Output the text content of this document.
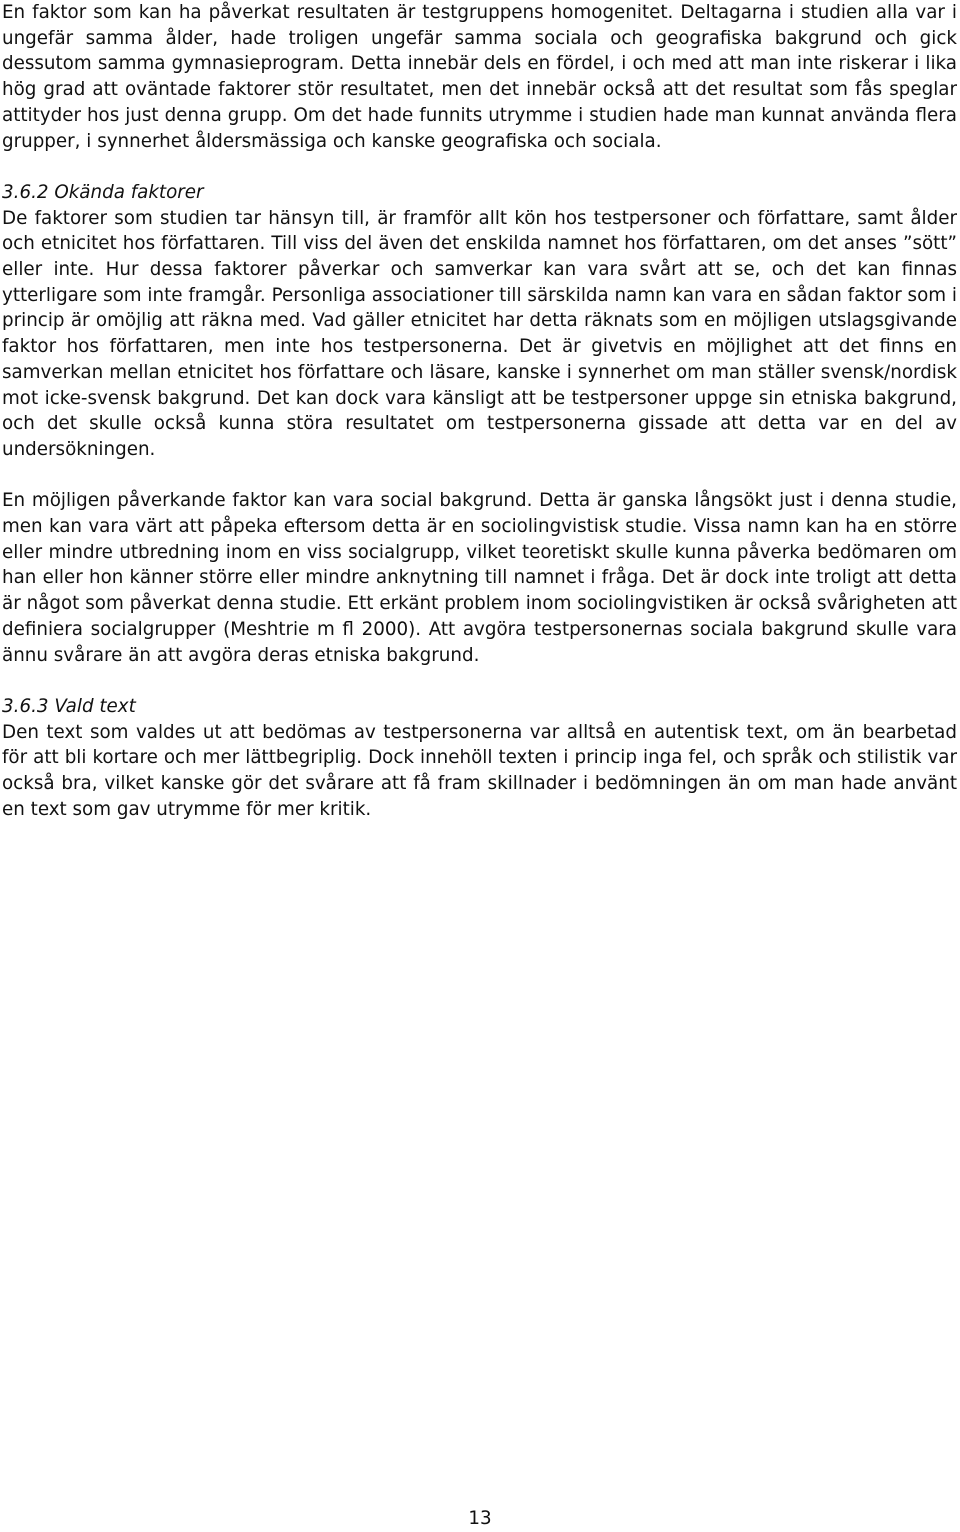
En faktor som kan ha påverkat resultaten är testgruppens homogenitet. Deltagarna i studien alla var i ungefär samma ålder, hade troligen ungefär samma sociala och geografiska bakgrund och gick dessutom samma gymnasieprogram. Detta innebär dels en fördel, i och med att man inte riskerar i lika hög grad att oväntade faktorer stör resultatet, men det innebär också att det resultat som fås speglar attityder hos just denna grupp. Om det hade funnits utrymme i studien hade man kunnat använda flera grupper, i synnerhet åldersmässiga och kanske geografiska och sociala.

3.6.2 Okända faktorer

De faktorer som studien tar hänsyn till, är framför allt kön hos testpersoner och författare, samt ålder och etnicitet hos författaren. Till viss del även det enskilda namnet hos författaren, om det anses ”sött” eller inte. Hur dessa faktorer påverkar och samverkar kan vara svårt att se, och det kan finnas ytterligare som inte framgår. Personliga associationer till särskilda namn kan vara en sådan faktor som i princip är omöjlig att räkna med. Vad gäller etnicitet har detta räknats som en möjligen utslagsgivande faktor hos författaren, men inte hos testpersonerna. Det är givetvis en möjlighet att det finns en samverkan mellan etnicitet hos författare och läsare, kanske i synnerhet om man ställer svensk/nordisk mot icke-svensk bakgrund. Det kan dock vara känsligt att be testpersoner uppge sin etniska bakgrund, och det skulle också kunna störa resultatet om testpersonerna gissade att detta var en del av undersökningen.

En möjligen påverkande faktor kan vara social bakgrund. Detta är ganska långsökt just i denna studie, men kan vara värt att påpeka eftersom detta är en sociolingvistisk studie. Vissa namn kan ha en större eller mindre utbredning inom en viss socialgrupp, vilket teoretiskt skulle kunna påverka bedömaren om han eller hon känner större eller mindre anknytning till namnet i fråga. Det är dock inte troligt att detta är något som påverkat denna studie. Ett erkänt problem inom sociolingvistiken är också svårigheten att definiera socialgrupper (Meshtrie m fl 2000). Att avgöra testpersonernas sociala bakgrund skulle vara ännu svårare än att avgöra deras etniska bakgrund.

3.6.3 Vald text

Den text som valdes ut att bedömas av testpersonerna var alltså en autentisk text, om än bearbetad för att bli kortare och mer lättbegriplig. Dock innehöll texten i princip inga fel, och språk och stilistik var också bra, vilket kanske gör det svårare att få fram skillnader i bedömningen än om man hade använt en text som gav utrymme för mer kritik.

13
